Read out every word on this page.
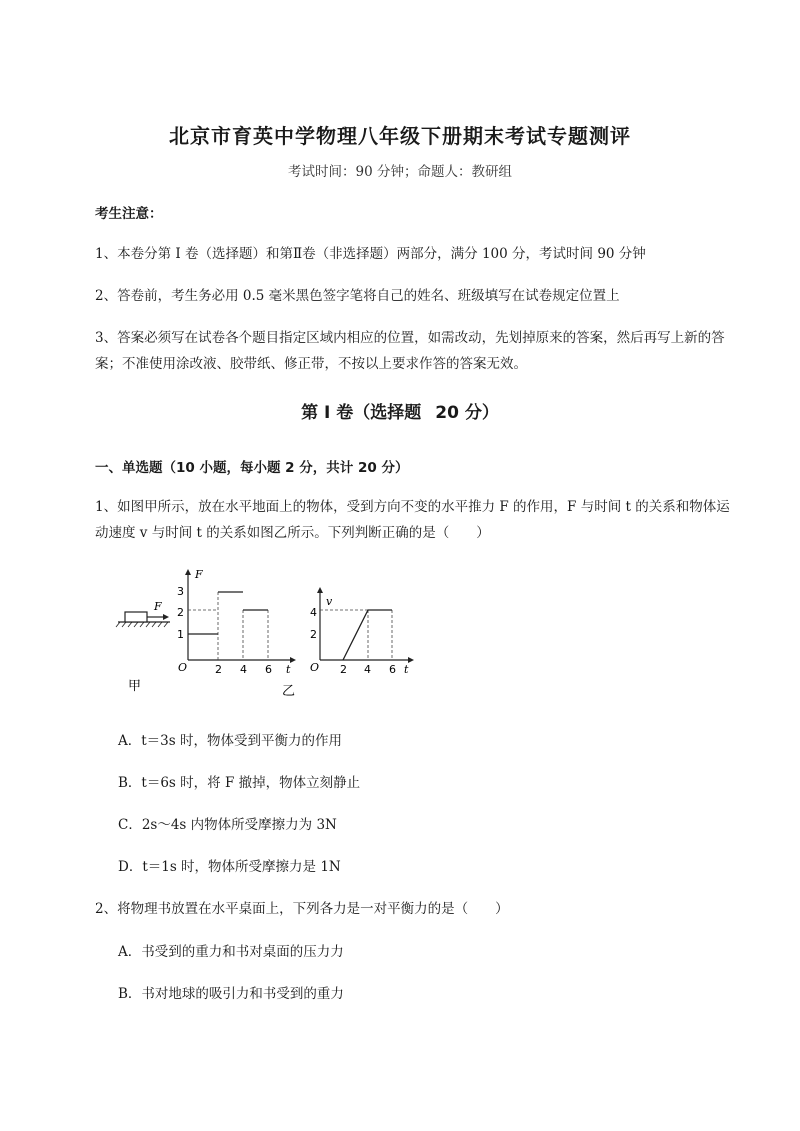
北京市育英中学物理八年级下册期末考试专题测评
考试时间：90 分钟；命题人：教研组
考生注意：
1、本卷分第 I 卷（选择题）和第Ⅱ卷（非选择题）两部分，满分 100 分，考试时间 90 分钟
2、答卷前，考生务必用 0.5 毫米黑色签字笔将自己的姓名、班级填写在试卷规定位置上
3、答案必须写在试卷各个题目指定区域内相应的位置，如需改动，先划掉原来的答案，然后再写上新的答案；不准使用涂改液、胶带纸、修正带，不按以上要求作答的答案无效。
第 I 卷（选择题 20 分）
一、单选题（10 小题，每小题 2 分，共计 20 分）
1、如图甲所示，放在水平地面上的物体，受到方向不变的水平推力 F 的作用，F 与时间 t 的关系和物体运动速度 v 与时间 t 的关系如图乙所示。下列判断正确的是（　　）
F
甲
F
O	t
1
2
3
2 4 6
乙
v
O	t
2
4
2 4 6
A．t＝3s 时，物体受到平衡力的作用
B．t＝6s 时，将 F 撤掉，物体立刻静止
C．2s～4s 内物体所受摩擦力为 3N
D．t＝1s 时，物体所受摩擦力是 1N
2、将物理书放置在水平桌面上，下列各力是一对平衡力的是（　　）
A．书受到的重力和书对桌面的压力力
B．书对地球的吸引力和书受到的重力
